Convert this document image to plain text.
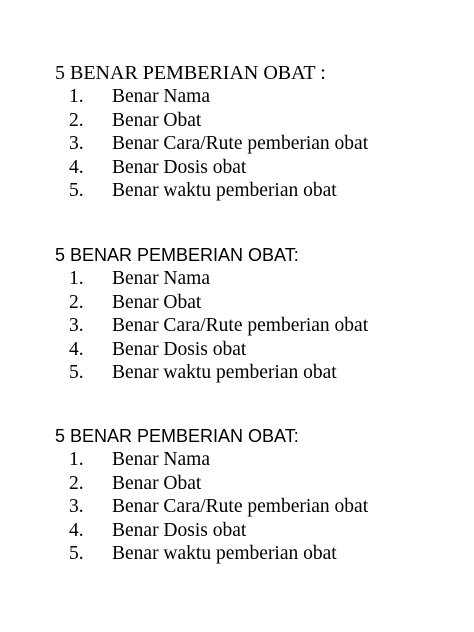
5 BENAR PEMBERIAN OBAT :
1. Benar Nama
2. Benar Obat
3. Benar Cara/Rute pemberian obat
4. Benar Dosis obat
5. Benar waktu pemberian obat
5 BENAR PEMBERIAN OBAT:
1. Benar Nama
2. Benar Obat
3. Benar Cara/Rute pemberian obat
4. Benar Dosis obat
5. Benar waktu pemberian obat
5 BENAR PEMBERIAN OBAT:
1. Benar Nama
2. Benar Obat
3. Benar Cara/Rute pemberian obat
4. Benar Dosis obat
5. Benar waktu pemberian obat
